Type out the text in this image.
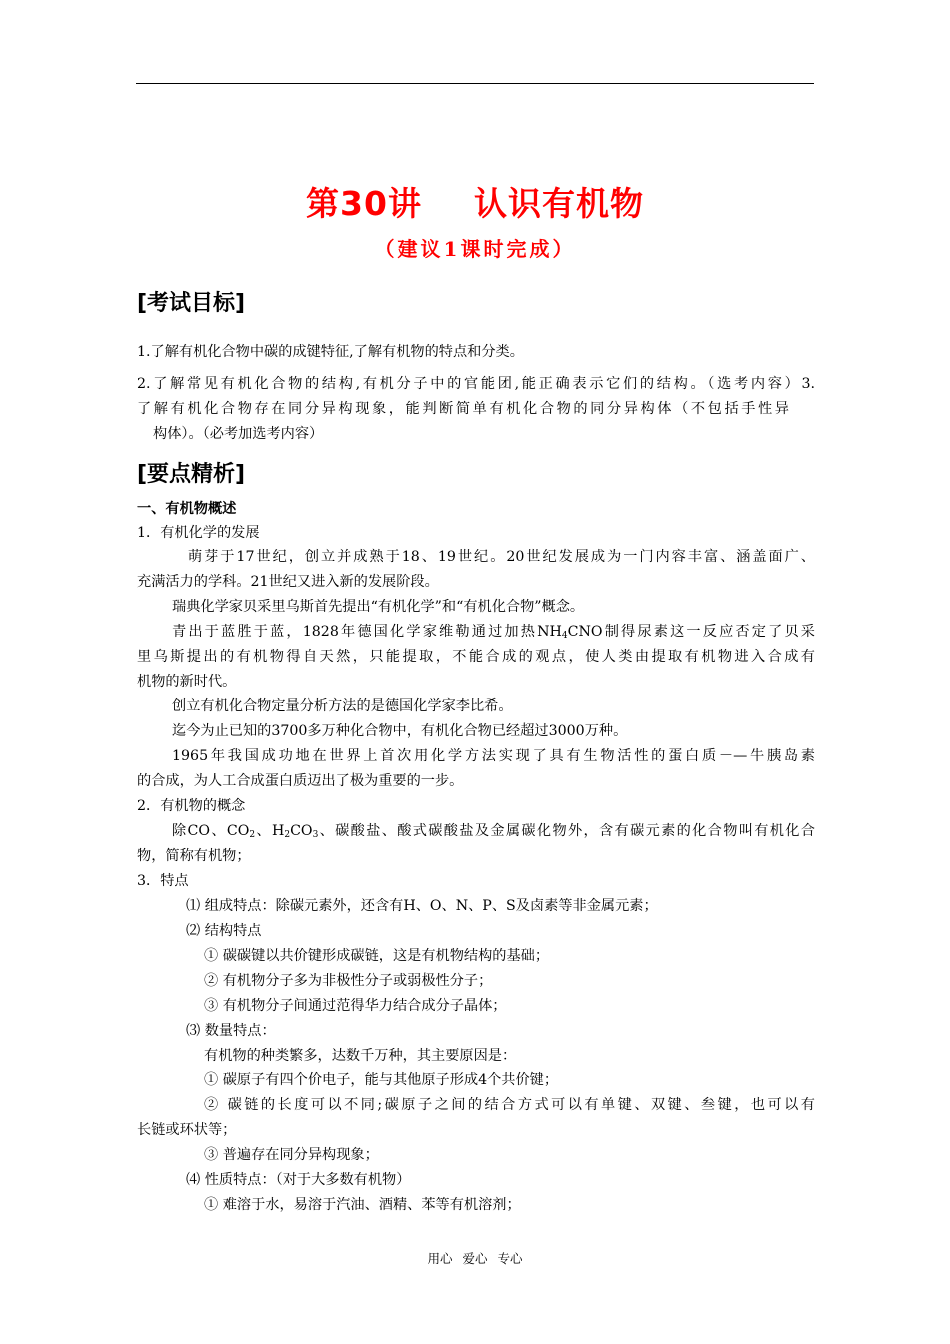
第30讲 认识有机物
（建议1课时完成）
[考试目标]
1.了解有机化合物中碳的成键特征,了解有机物的特点和分类。
2.了解常见有机化合物的结构,有机分子中的官能团,能正确表示它们的结构。（选考内容）3.
了解有机化合物存在同分异构现象，能判断简单有机化合物的同分异构体（不包括手性异
构体）。（必考加选考内容）
[要点精析]
一、有机物概述
1．有机化学的发展
萌芽于17世纪，创立并成熟于18、19世纪。20世纪发展成为一门内容丰富、涵盖面广、
充满活力的学科。21世纪又进入新的发展阶段。
瑞典化学家贝采里乌斯首先提出“有机化学”和“有机化合物”概念。
青出于蓝胜于蓝，1828年德国化学家维勒通过加热$NH_4CNO$制得尿素这一反应否定了贝采
里乌斯提出的有机物得自天然，只能提取，不能合成的观点，使人类由提取有机物进入合成有
机物的新时代。
创立有机化合物定量分析方法的是德国化学家李比希。
迄今为止已知的3700多万种化合物中，有机化合物已经超过3000万种。
1965年我国成功地在世界上首次用化学方法实现了具有生物活性的蛋白质－—牛胰岛素
的合成，为人工合成蛋白质迈出了极为重要的一步。
2．有机物的概念
除CO、$CO_2$、$H_2CO_3$、碳酸盐、酸式碳酸盐及金属碳化物外，含有碳元素的化合物叫有机化合
物，简称有机物；
3．特点
⑴ 组成特点：除碳元素外，还含有H、O、N、P、S及卤素等非金属元素；
⑵ 结构特点
① 碳碳键以共价键形成碳链，这是有机物结构的基础；
② 有机物分子多为非极性分子或弱极性分子；
③ 有机物分子间通过范得华力结合成分子晶体；
⑶ 数量特点：
有机物的种类繁多，达数千万种，其主要原因是：
① 碳原子有四个价电子，能与其他原子形成4个共价键；
② 碳链的长度可以不同;碳原子之间的结合方式可以有单键、双键、叁键，也可以有
长链或环状等；
③ 普遍存在同分异构现象；
⑷ 性质特点：（对于大多数有机物）
① 难溶于水，易溶于汽油、酒精、苯等有机溶剂；
用心 爱心 专心
